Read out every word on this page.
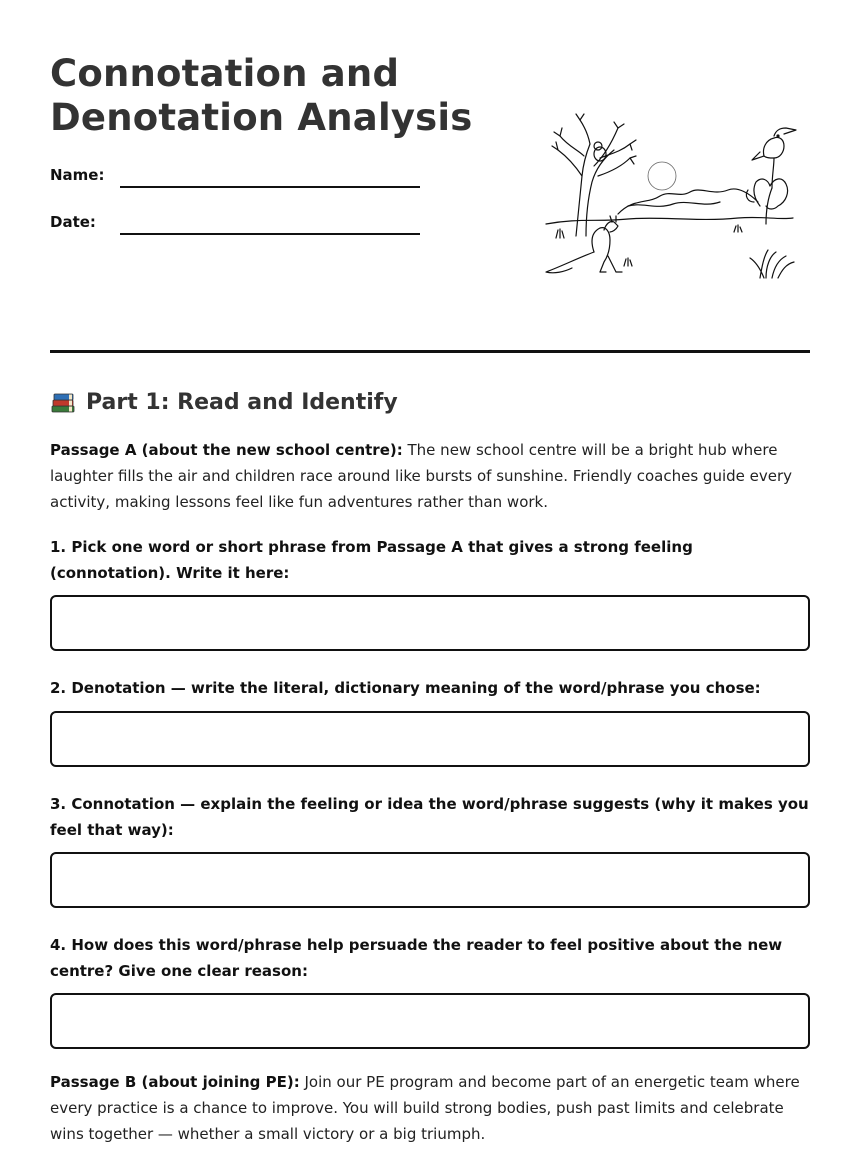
Connotation and
Denotation Analysis
Name:
Date:
Part 1: Read and Identify

Passage A (about the new school centre): The new school centre will be a bright hub where laughter fills the air and children race around like bursts of sunshine. Friendly coaches guide every activity, making lessons feel like fun adventures rather than work.

1. Pick one word or short phrase from Passage A that gives a strong feeling (connotation). Write it here:

2. Denotation — write the literal, dictionary meaning of the word/phrase you chose:

3. Connotation — explain the feeling or idea the word/phrase suggests (why it makes you feel that way):

4. How does this word/phrase help persuade the reader to feel positive about the new centre? Give one clear reason:

Passage B (about joining PE): Join our PE program and become part of an energetic team where every practice is a chance to improve. You will build strong bodies, push past limits and celebrate wins together — whether a small victory or a big triumph.
